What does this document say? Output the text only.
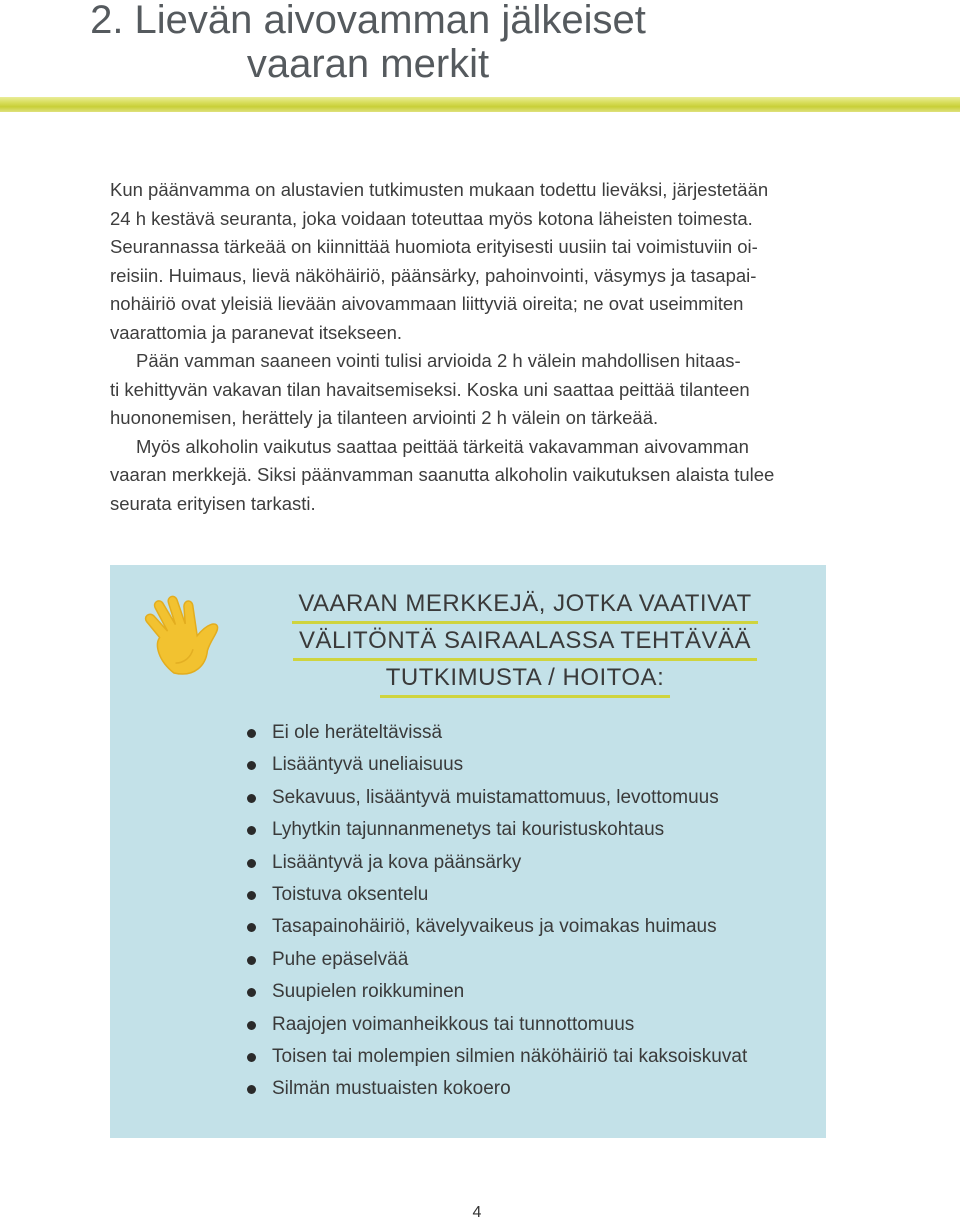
2. Lievän aivovamman jälkeiset
vaaran merkit
Kun päänvamma on alustavien tutkimusten mukaan todettu lieväksi, järjestetään
24 h kestävä seuranta, joka voidaan toteuttaa myös kotona läheisten toimesta.
Seurannassa tärkeää on kiinnittää huomiota erityisesti uusiin tai voimistuviin oi-
reisiin. Huimaus, lievä näköhäiriö, päänsärky, pahoinvointi, väsymys ja tasapai-
nohäiriö ovat yleisiä lievään aivovammaan liittyviä oireita; ne ovat useimmiten
vaarattomia ja paranevat itsekseen.
Pään vamman saaneen vointi tulisi arvioida 2 h välein mahdollisen hitaas-
ti kehittyvän vakavan tilan havaitsemiseksi. Koska uni saattaa peittää tilanteen
huononemisen, herättely ja tilanteen arviointi 2 h välein on tärkeää.
Myös alkoholin vaikutus saattaa peittää tärkeitä vakavamman aivovamman
vaaran merkkejä. Siksi päänvamman saanutta alkoholin vaikutuksen alaista tulee
seurata erityisen tarkasti.
VAARAN MERKKEJÄ, JOTKA VAATIVAT
VÄLITÖNTÄ SAIRAALASSA TEHTÄVÄÄ
TUTKIMUSTA / HOITOA:
Ei ole heräteltävissä
Lisääntyvä uneliaisuus
Sekavuus, lisääntyvä muistamattomuus, levottomuus
Lyhytkin tajunnanmenetys tai kouristuskohtaus
Lisääntyvä ja kova päänsärky
Toistuva oksentelu
Tasapainohäiriö, kävelyvaikeus ja voimakas huimaus
Puhe epäselvää
Suupielen roikkuminen
Raajojen voimanheikkous tai tunnottomuus
Toisen tai molempien silmien näköhäiriö tai kaksoiskuvat
Silmän mustuaisten kokoero
4
